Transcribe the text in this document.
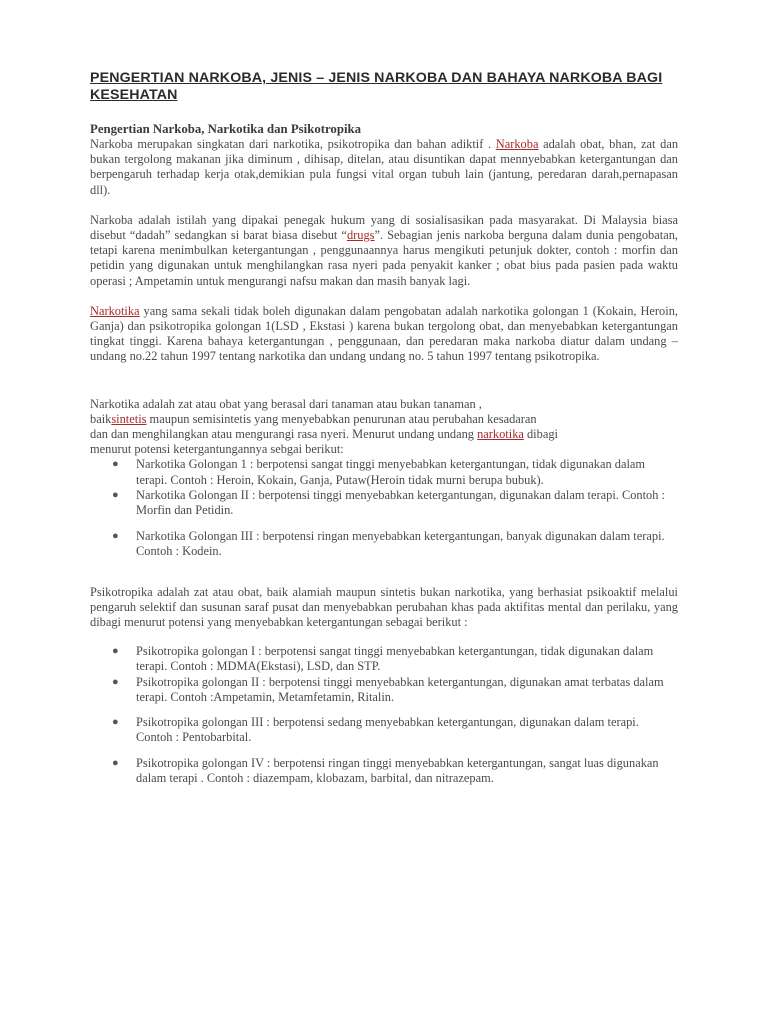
PENGERTIAN NARKOBA, JENIS – JENIS NARKOBA DAN BAHAYA NARKOBA BAGI KESEHATAN
Pengertian Narkoba, Narkotika dan Psikotropika

Narkoba merupakan singkatan dari narkotika, psikotropika dan bahan adiktif . Narkoba adalah obat, bhan, zat dan bukan tergolong makanan jika diminum , dihisap, ditelan, atau disuntikan dapat mennyebabkan ketergantungan dan berpengaruh terhadap kerja otak,demikian pula fungsi vital organ tubuh lain (jantung, peredaran darah,pernapasan dll).

Narkoba adalah istilah yang dipakai penegak hukum yang di sosialisasikan pada masyarakat. Di Malaysia biasa disebut “dadah” sedangkan si barat biasa disebut “drugs”. Sebagian jenis narkoba berguna dalam dunia pengobatan, tetapi karena menimbulkan ketergantungan , penggunaannya harus mengikuti petunjuk dokter, contoh : morfin dan petidin yang digunakan untuk menghilangkan rasa nyeri pada penyakit kanker ; obat bius pada pasien pada waktu operasi ; Ampetamin untuk mengurangi nafsu makan dan masih banyak lagi.

Narkotika yang sama sekali tidak boleh digunakan dalam pengobatan adalah narkotika golongan 1 (Kokain, Heroin, Ganja) dan psikotropika golongan 1(LSD , Ekstasi ) karena bukan tergolong obat, dan menyebabkan ketergantungan tingkat tinggi. Karena bahaya ketergantungan , penggunaan, dan peredaran maka narkoba diatur dalam undang – undang no.22 tahun 1997 tentang narkotika dan undang undang no. 5 tahun 1997 tentang psikotropika.

Narkotika adalah zat atau obat yang berasal dari tanaman atau bukan tanaman ,
baiksintetis maupun semisintetis yang menyebabkan penurunan atau perubahan kesadaran
dan dan menghilangkan atau mengurangi rasa nyeri. Menurut undang undang narkotika dibagi
menurut potensi ketergantungannya sebgai berikut:
● Narkotika Golongan 1 : berpotensi sangat tinggi menyebabkan ketergantungan, tidak digunakan dalam terapi. Contoh : Heroin, Kokain, Ganja, Putaw(Heroin tidak murni berupa bubuk).
● Narkotika Golongan II : berpotensi tinggi menyebabkan ketergantungan, digunakan dalam terapi. Contoh : Morfin dan Petidin.
● Narkotika Golongan III : berpotensi ringan menyebabkan ketergantungan, banyak digunakan dalam terapi. Contoh : Kodein.

Psikotropika adalah zat atau obat, baik alamiah maupun sintetis bukan narkotika, yang berhasiat psikoaktif melalui pengaruh selektif dan susunan saraf pusat dan menyebabkan perubahan khas pada aktifitas mental dan perilaku, yang dibagi menurut potensi yang menyebabkan ketergantungan sebagai berikut :

● Psikotropika golongan I : berpotensi sangat tinggi menyebabkan ketergantungan, tidak digunakan dalam terapi. Contoh : MDMA(Ekstasi), LSD, dan STP.
● Psikotropika golongan II : berpotensi tinggi menyebabkan ketergantungan, digunakan amat terbatas dalam terapi. Contoh :Ampetamin, Metamfetamin, Ritalin.
● Psikotropika golongan III : berpotensi sedang menyebabkan ketergantungan, digunakan dalam terapi. Contoh : Pentobarbital.
● Psikotropika golongan IV : berpotensi ringan tinggi menyebabkan ketergantungan, sangat luas digunakan dalam terapi . Contoh : diazempam, klobazam, barbital, dan nitrazepam.
